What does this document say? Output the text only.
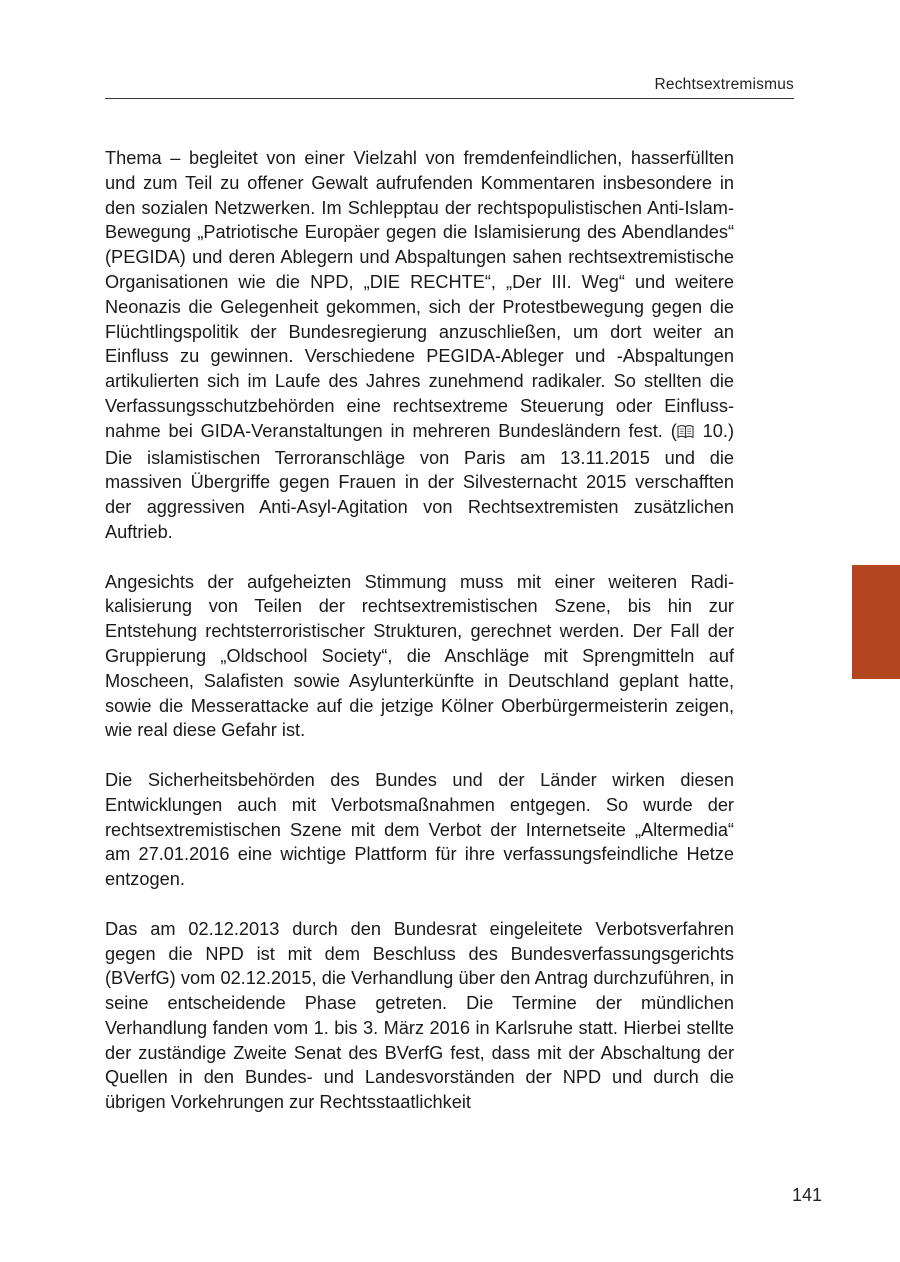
Rechtsextremismus

Thema – begleitet von einer Vielzahl von fremdenfeindlichen, hasserfüllten und zum Teil zu offener Gewalt aufrufenden Kommentaren insbesondere in den sozialen Netzwerken. Im Schlepptau der rechtspopulistischen Anti-Islam-Bewegung „Patriotische Europäer gegen die Islamisierung des Abendlandes“ (PEGIDA) und deren Ablegern und Abspaltungen sahen rechtsextremistische Organisationen wie die NPD, „DIE RECHTE“, „Der III. Weg“ und weitere Neonazis die Gelegenheit gekommen, sich der Protestbewegung gegen die Flüchtlingspolitik der Bundesregierung anzuschließen, um dort weiter an Einfluss zu gewinnen. Verschiedene PEGIDA-Ableger und -Abspaltungen artikulierten sich im Laufe des Jahres zunehmend radikaler. So stellten die Verfassungsschutzbehörden eine rechtsextreme Steuerung oder Einflussnahme bei GIDA-Veranstaltungen in mehreren Bundesländern fest. ( 10.) Die islamistischen Terroranschläge von Paris am 13.11.2015 und die massiven Übergriffe gegen Frauen in der Silvesternacht 2015 verschafften der aggressiven Anti-Asyl-Agitation von Rechtsextremisten zusätzlichen Auftrieb.

Angesichts der aufgeheizten Stimmung muss mit einer weiteren Radikalisierung von Teilen der rechtsextremistischen Szene, bis hin zur Entstehung rechtsterroristischer Strukturen, gerechnet werden. Der Fall der Gruppierung „Oldschool Society“, die Anschläge mit Sprengmitteln auf Moscheen, Salafisten sowie Asylunterkünfte in Deutschland geplant hatte, sowie die Messerattacke auf die jetzige Kölner Oberbürgermeisterin zeigen, wie real diese Gefahr ist.

Die Sicherheitsbehörden des Bundes und der Länder wirken diesen Entwicklungen auch mit Verbotsmaßnahmen entgegen. So wurde der rechtsextremistischen Szene mit dem Verbot der Internetseite „Altermedia“ am 27.01.2016 eine wichtige Plattform für ihre verfassungsfeindliche Hetze entzogen.

Das am 02.12.2013 durch den Bundesrat eingeleitete Verbotsverfahren gegen die NPD ist mit dem Beschluss des Bundesverfassungsgerichts (BVerfG) vom 02.12.2015, die Verhandlung über den Antrag durchzuführen, in seine entscheidende Phase getreten. Die Termine der mündlichen Verhandlung fanden vom 1. bis 3. März 2016 in Karlsruhe statt. Hierbei stellte der zuständige Zweite Senat des BVerfG fest, dass mit der Abschaltung der Quellen in den Bundes- und Landesvorständen der NPD und durch die übrigen Vorkehrungen zur Rechtsstaatlichkeit

141
